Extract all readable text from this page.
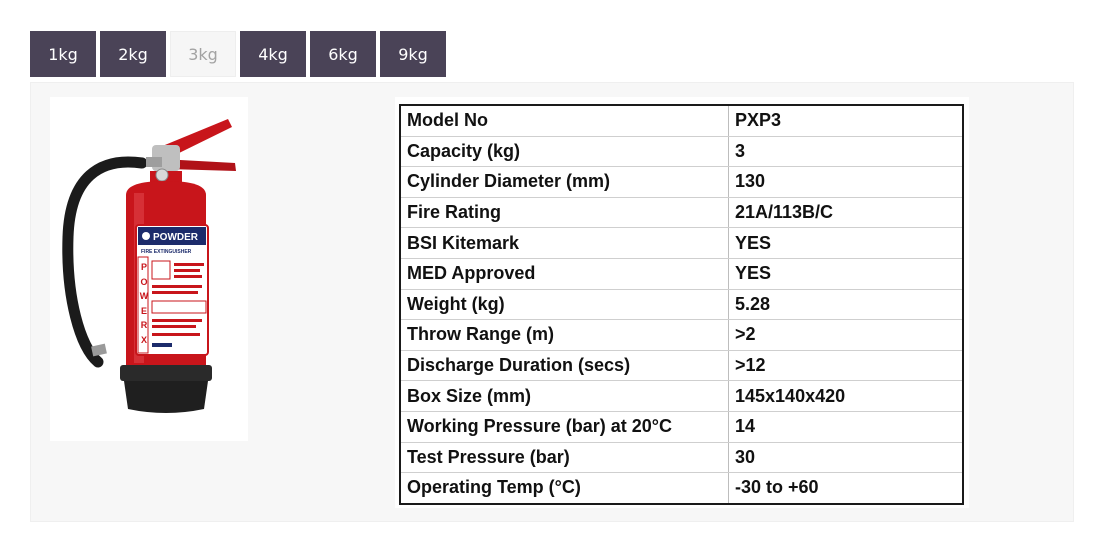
1kg	2kg	3kg	4kg	6kg	9kg
POWDER
FIRE EXTINGUISHER
POWERX
Model No	PXP3
Capacity (kg)	3
Cylinder Diameter (mm)	130
Fire Rating	21A/113B/C
BSI Kitemark	YES
MED Approved	YES
Weight (kg)	5.28
Throw Range (m)	>2
Discharge Duration (secs)	>12
Box Size (mm)	145x140x420
Working Pressure (bar) at 20°C	14
Test Pressure (bar)	30
Operating Temp (°C)	-30 to +60
